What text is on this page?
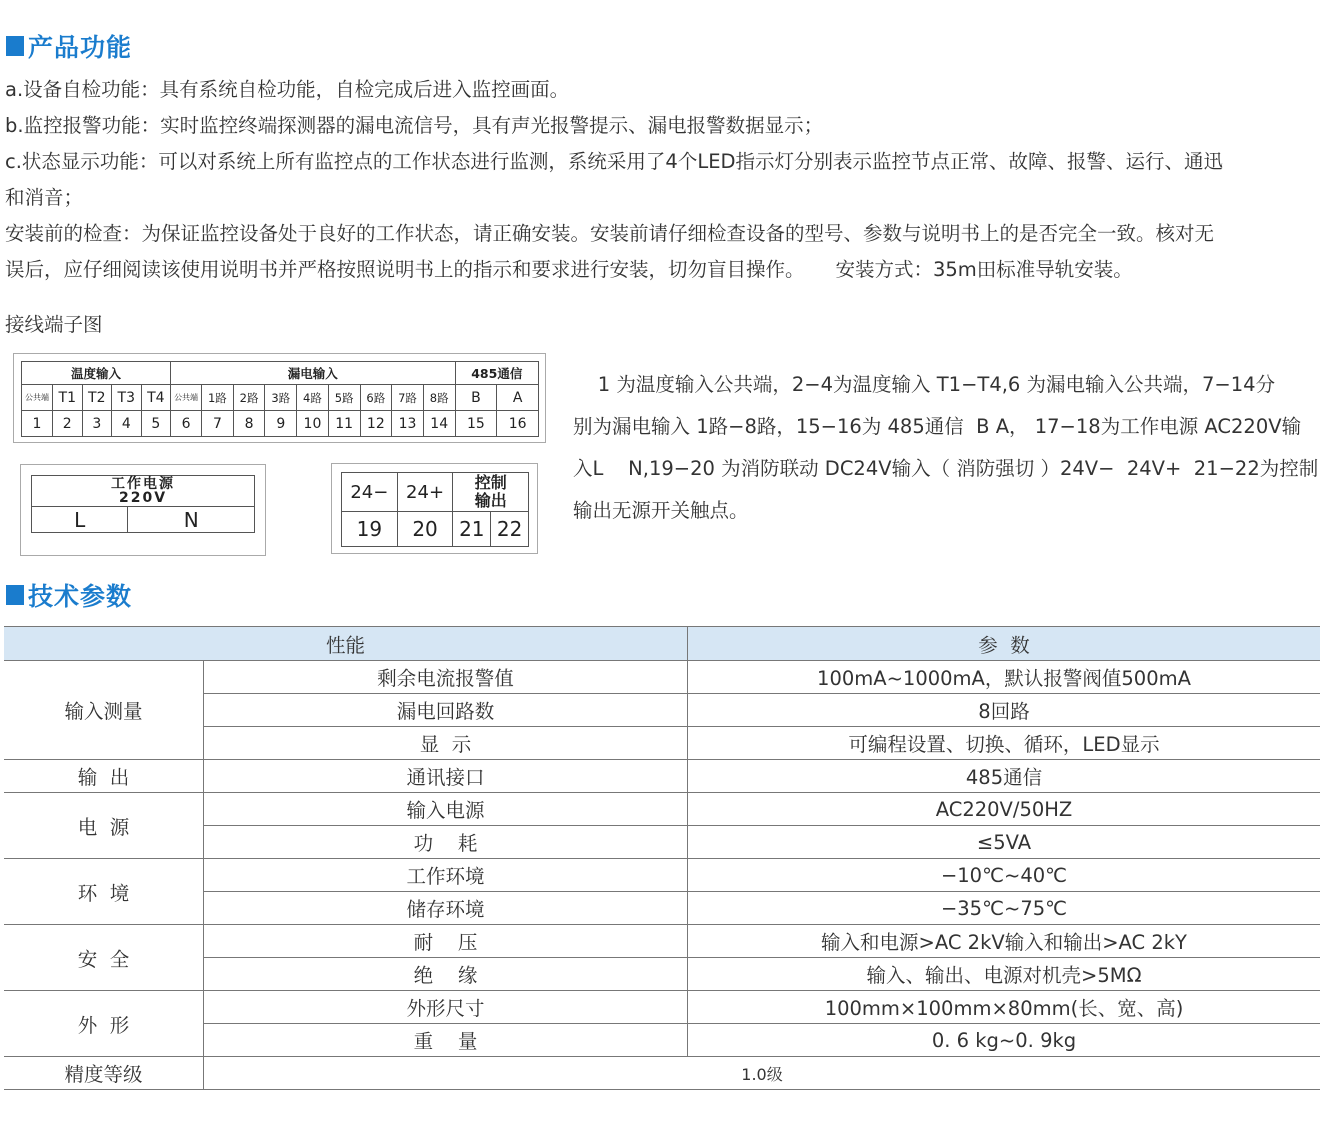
产品功能

a.设备自检功能：具有系统自检功能，自检完成后进入监控画面。

b.监控报警功能：实时监控终端探测器的漏电流信号，具有声光报警提示、漏电报警数据显示；

c.状态显示功能：可以对系统上所有监控点的工作状态进行监测，系统采用了4个LED指示灯分别表示监控节点正常、故障、报警、运行、通迅

和消音；

安装前的检查：为保证监控设备处于良好的工作状态，请正确安装。安装前请仔细检查设备的型号、参数与说明书上的是否完全一致。核对无

误后，应仔细阅读该使用说明书并严格按照说明书上的指示和要求进行安装，切勿盲目操作。     安装方式：35m田标准导轨安装。

接线端子图
温度输入					漏电输入									485通信	
公共端	T1	T2	T3	T4	公共端	1路	2路	3路	4路	5路	6路	7路	8路	B	A
1	2	3	4	5	6	7	8	9	10	11	12	13	14	15	16
工作电源
220V

L	N
24−	24+	控制
输出	

19	20	21	22

1 为温度输入公共端，2−4为温度输入 T1−T4,6 为漏电输入公共端，7−14分

别为漏电输入 1路−8路，15−16为 485通信  B A， 17−18为工作电源 AC220V输

入L    N,19−20 为消防联动 DC24V输入（ 消防强切 ）24V−  24V+  21−22为控制

输出无源开关触点。

技术参数
性能		参  数
输入测量	剩余电流报警值	100mA~1000mA，默认报警阀值500mA
	漏电回路数	8回路
	显  示	可编程设置、切换、循环，LED显示
输  出	通讯接口	485通信
电  源	输入电源	AC220V/50HZ
	功    耗	≤5VA
环  境	工作环境	−10℃~40℃
	储存环境	−35℃~75℃
安  全	耐    压	输入和电源>AC 2kV输入和输出>AC 2kY
	绝    缘	输入、输出、电源对机壳>5MΩ
外  形	外形尺寸	100mm×100mm×80mm(长、宽、高)
	重    量	0. 6 kg~0. 9kg
精度等级	1.0级	
